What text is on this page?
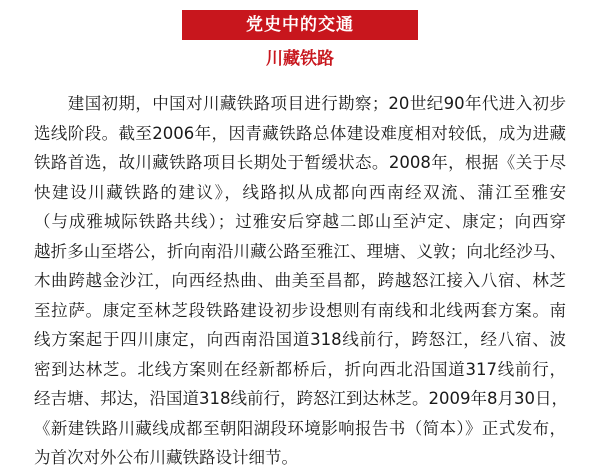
党史中的交通
川藏铁路
　　建国初期，中国对川藏铁路项目进行勘察；20世纪90年代进入初步
选线阶段。截至2006年，因青藏铁路总体建设难度相对较低，成为进藏
铁路首选，故川藏铁路项目长期处于暂缓状态。2008年，根据《关于尽
快建设川藏铁路的建议》，线路拟从成都向西南经双流、蒲江至雅安
（与成雅城际铁路共线）；过雅安后穿越二郎山至泸定、康定；向西穿
越折多山至塔公，折向南沿川藏公路至雅江、理塘、义敦；向北经沙马、
木曲跨越金沙江，向西经热曲、曲美至昌都，跨越怒江接入八宿、林芝
至拉萨。康定至林芝段铁路建设初步设想则有南线和北线两套方案。南
线方案起于四川康定，向西南沿国道318线前行，跨怒江，经八宿、波
密到达林芝。北线方案则在经新都桥后，折向西北沿国道317线前行，
经吉塘、邦达，沿国道318线前行，跨怒江到达林芝。2009年8月30日，
《新建铁路川藏线成都至朝阳湖段环境影响报告书（简本）》正式发布，
为首次对外公布川藏铁路设计细节。
